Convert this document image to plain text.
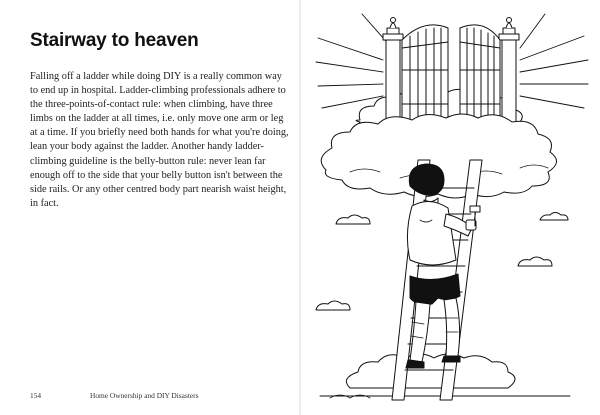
Stairway to heaven

Falling off a ladder while doing DIY is a really common way to end up in hospital. Ladder-climbing professionals adhere to the three-points-of-contact rule: when climbing, have three limbs on the ladder at all times, i.e. only move one arm or leg at a time. If you briefly need both hands for what you're doing, lean your body against the ladder. Another handy ladder-climbing guideline is the belly-button rule: never lean far enough off to the side that your belly button isn't between the side rails. Or any other centred body part nearish waist height, in fact.

154	Home Ownership and DIY Disasters
